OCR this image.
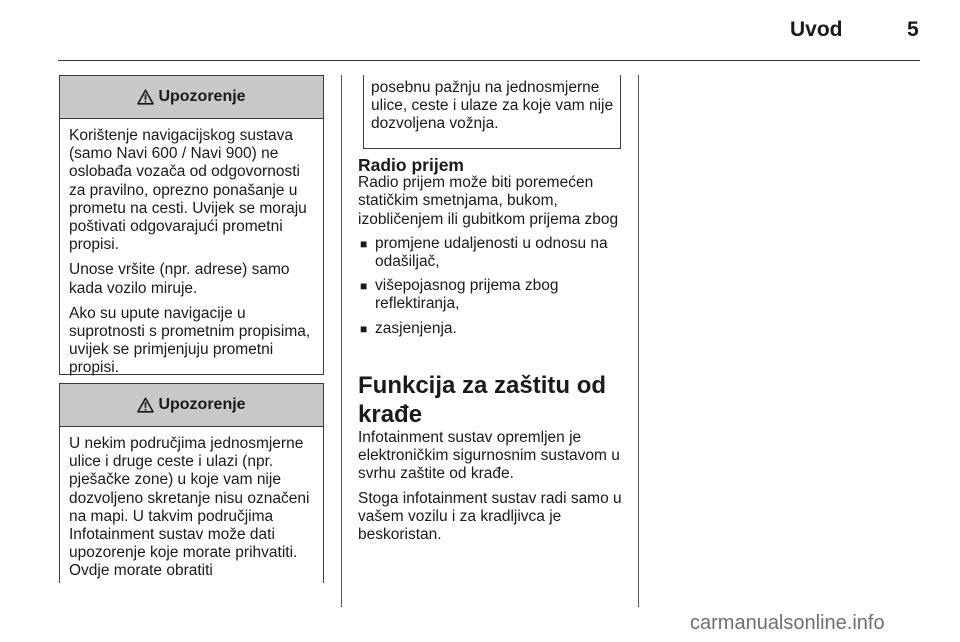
Uvod	5
Upozorenje

Korištenje navigacijskog sustava (samo Navi 600 / Navi 900) ne oslobađa vozača od odgovornosti za pravilno, oprezno ponašanje u prometu na cesti. Uvijek se moraju poštivati odgovarajući prometni propisi.

Unose vršite (npr. adrese) samo kada vozilo miruje.

Ako su upute navigacije u suprotnosti s prometnim propisima, uvijek se primjenjuju prometni propisi.

Upozorenje

U nekim područjima jednosmjerne ulice i druge ceste i ulazi (npr. pješačke zone) u koje vam nije dozvoljeno skretanje nisu označeni na mapi. U takvim područjima Infotainment sustav može dati upozorenje koje morate prihvatiti. Ovdje morate obratiti

posebnu pažnju na jednosmjerne ulice, ceste i ulaze za koje vam nije dozvoljena vožnja.
Radio prijem

Radio prijem može biti poremećen statičkim smetnjama, bukom, izobličenjem ili gubitkom prijema zbog

■ promjene udaljenosti u odnosu na odašiljač,
■ višepojasnog prijema zbog reflektiranja,
■ zasjenjenja.
Funkcija za zaštitu od krađe

Infotainment sustav opremljen je elektroničkim sigurnosnim sustavom u svrhu zaštite od krađe.

Stoga infotainment sustav radi samo u vašem vozilu i za kradljivca je beskoristan.

carmanualsonline.info
